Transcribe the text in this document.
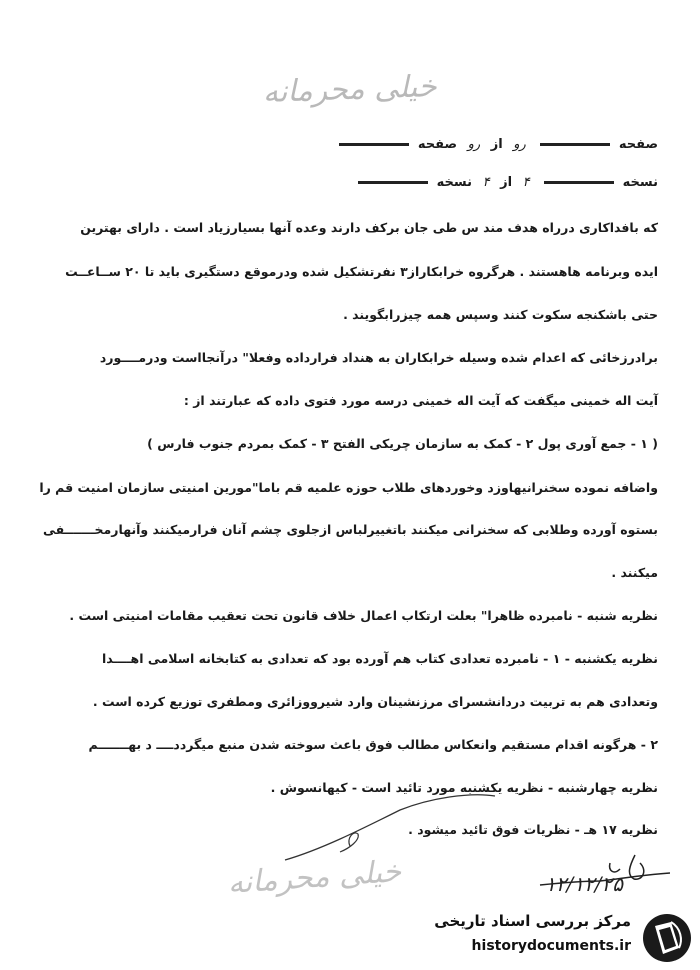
خیلی محرمانه
صفحه  رو از رو صفحه
نسخه  ۴ از ۴ نسخه
که بافداکاری درراه هدف مند س طی جان برکف دارند وعده آنها بسیارزیاد است . دارای بهترین
ایده وبرنامه هاهستند . هرگروه خرابکاراز۳ نفرتشکیل شده ودرموقع دستگیری باید تا ۲۰ ســاعــت
حتی باشکنجه سکوت کنند وسپس همه چیزرابگویند .
برادرزخائی که اعدام شده وسیله خرابکاران به هنداد فرارداده وفعلا" درآنجااست ودرمــــورد
آیت اله خمینی میگفت که آیت اله خمینی درسه مورد فتوی داده که عبارتند از :
( ۱ - جمع آوری پول ۲ - کمک به سازمان چریکی الفتح ۳ - کمک بمردم جنوب فارس )
واضافه نموده سخنرانیهاوزد وخوردهای طلاب حوزه علمیه قم باما"مورین امنیتی سازمان امنیت قم را
بستوه آورده وطلابی که سخنرانی میکنند باتغییرلباس ازجلوی چشم آنان فرارمیکنند وآنهارمخـــــــفی
میکنند .
نظریه شنبه - نامبرده ظاهرا" بعلت ارتکاب اعمال خلاف قانون تحت تعقیب مقامات امنیتی است .
نظریه یکشنبه - ۱ - نامبرده تعدادی کتاب هم آورده بود که تعدادی به کتابخانه اسلامی اهــــدا
وتعدادی هم به تربیت دردانشسرای مرزنشینان وارد شیرووزائری ومطفری توزیع کرده است .
۲ - هرگونه اقدام مستقیم وانعکاس مطالب فوق باعث سوخته شدن منبع میگرددــــ د بهـــــــم
نظریه چهارشنبه - نظریه یکشنبه مورد تائید است - کیهانسوش .
نظریه ۱۷ هـ - نظریات فوق تائید میشود .
خیلی محرمانه	۱۲/۱۲/۲۵
مرکز بررسی اسناد تاریخی
historydocuments.ir
